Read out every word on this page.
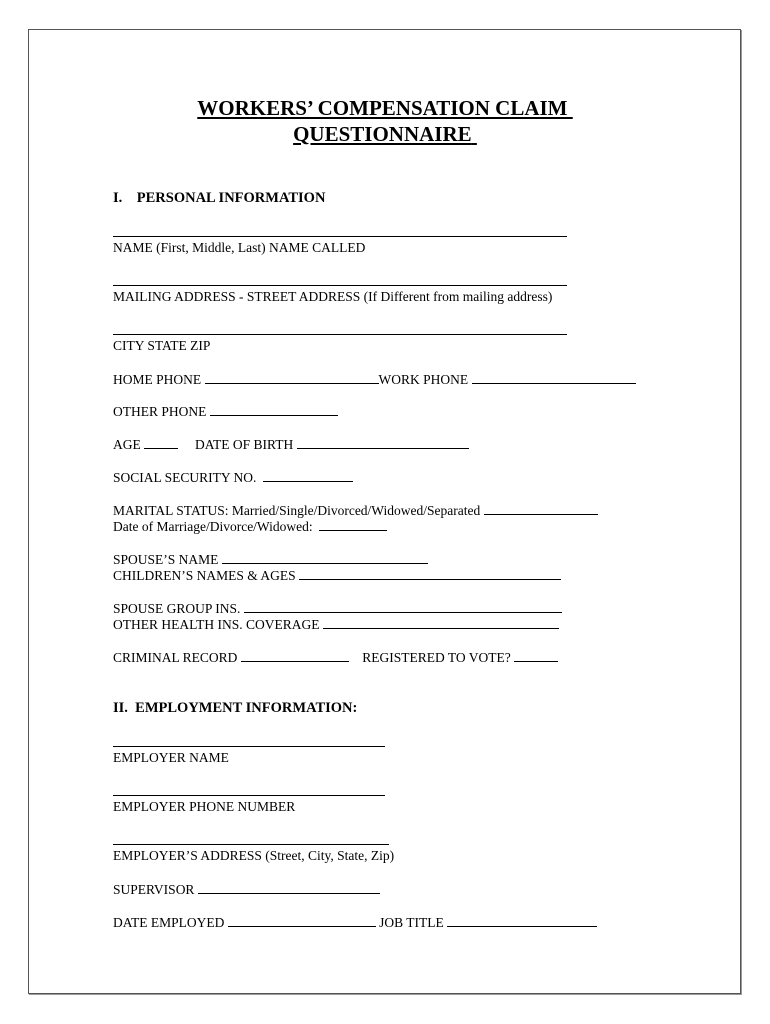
WORKERS’ COMPENSATION CLAIM
QUESTIONNAIRE
I.    PERSONAL INFORMATION
NAME (First, Middle, Last) NAME CALLED
MAILING ADDRESS - STREET ADDRESS (If Different from mailing address)
CITY STATE ZIP
HOME PHONE	WORK PHONE
OTHER PHONE
AGE	DATE OF BIRTH
SOCIAL SECURITY NO.
MARITAL STATUS: Married/Single/Divorced/Widowed/Separated
Date of Marriage/Divorce/Widowed:
SPOUSE’S NAME
CHILDREN’S NAMES & AGES
SPOUSE GROUP INS.
OTHER HEALTH INS. COVERAGE
CRIMINAL RECORD	REGISTERED TO VOTE?
II.  EMPLOYMENT INFORMATION:
EMPLOYER NAME
EMPLOYER PHONE NUMBER
EMPLOYER’S ADDRESS (Street, City, State, Zip)
SUPERVISOR
DATE EMPLOYED	JOB TITLE
